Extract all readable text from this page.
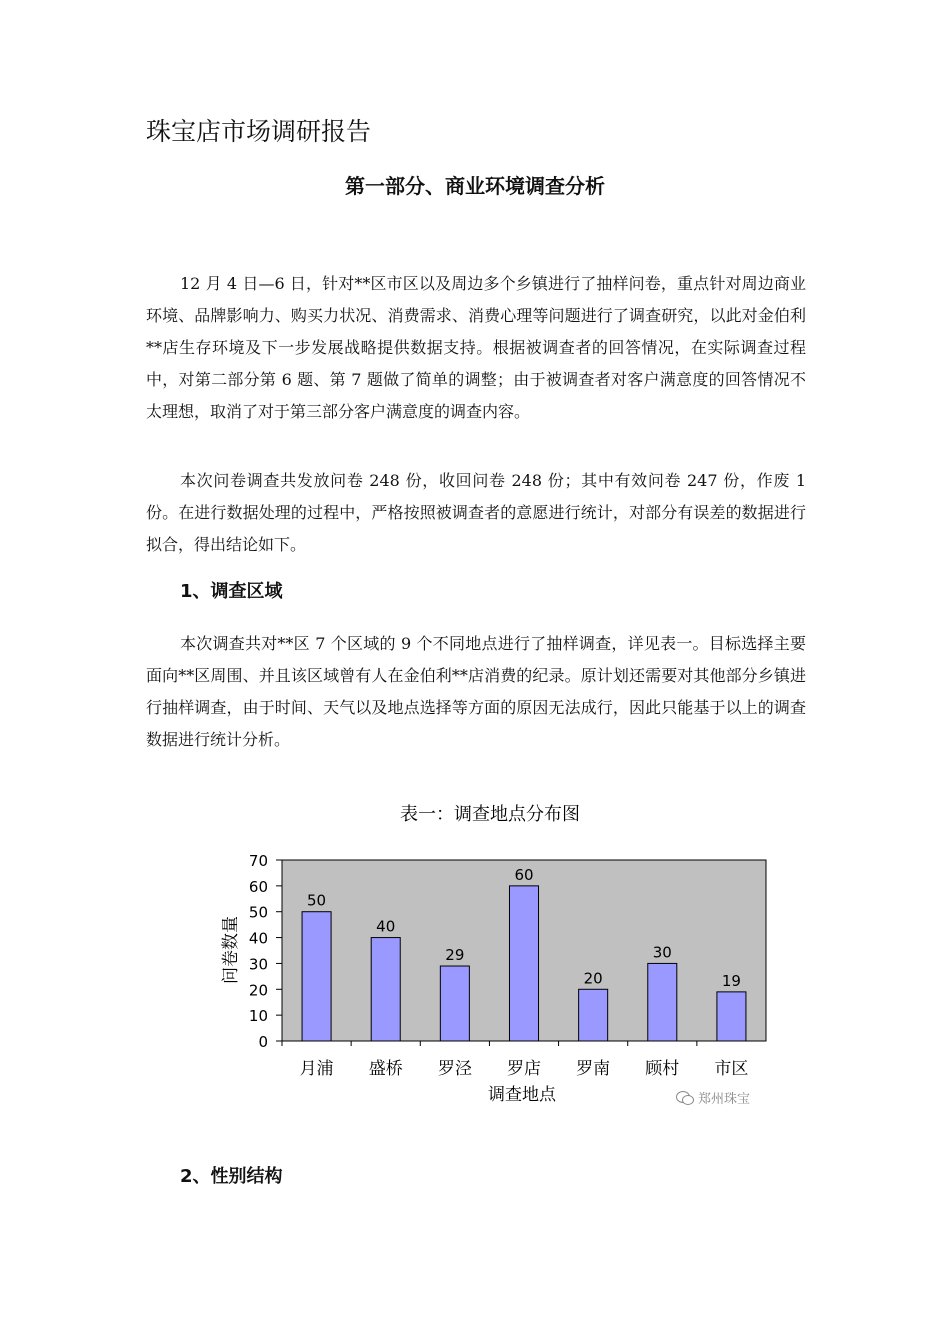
珠宝店市场调研报告
第一部分、商业环境调查分析

12 月 4 日—6 日，针对**区市区以及周边多个乡镇进行了抽样问卷，重点针对周边商业环境、品牌影响力、购买力状况、消费需求、消费心理等问题进行了调查研究，以此对金伯利**店生存环境及下一步发展战略提供数据支持。根据被调查者的回答情况，在实际调查过程中，对第二部分第 6 题、第 7 题做了简单的调整；由于被调查者对客户满意度的回答情况不太理想，取消了对于第三部分客户满意度的调查内容。

本次问卷调查共发放问卷 248 份，收回问卷 248 份；其中有效问卷 247 份，作废 1 份。在进行数据处理的过程中，严格按照被调查者的意愿进行统计，对部分有误差的数据进行拟合，得出结论如下。

1、调查区域

本次调查共对**区 7 个区域的 9 个不同地点进行了抽样调查，详见表一。目标选择主要面向**区周围、并且该区域曾有人在金伯利**店消费的纪录。原计划还需要对其他部分乡镇进行抽样调查，由于时间、天气以及地点选择等方面的原因无法成行，因此只能基于以上的调查数据进行统计分析。

表一：调查地点分布图
0
10
20
30
40
50
60
70
50
40
29
60
20
30
19
月浦 盛桥 罗泾 罗店 罗南 顾村 市区
问卷数量
调查地点	郑州珠宝
2、性别结构
